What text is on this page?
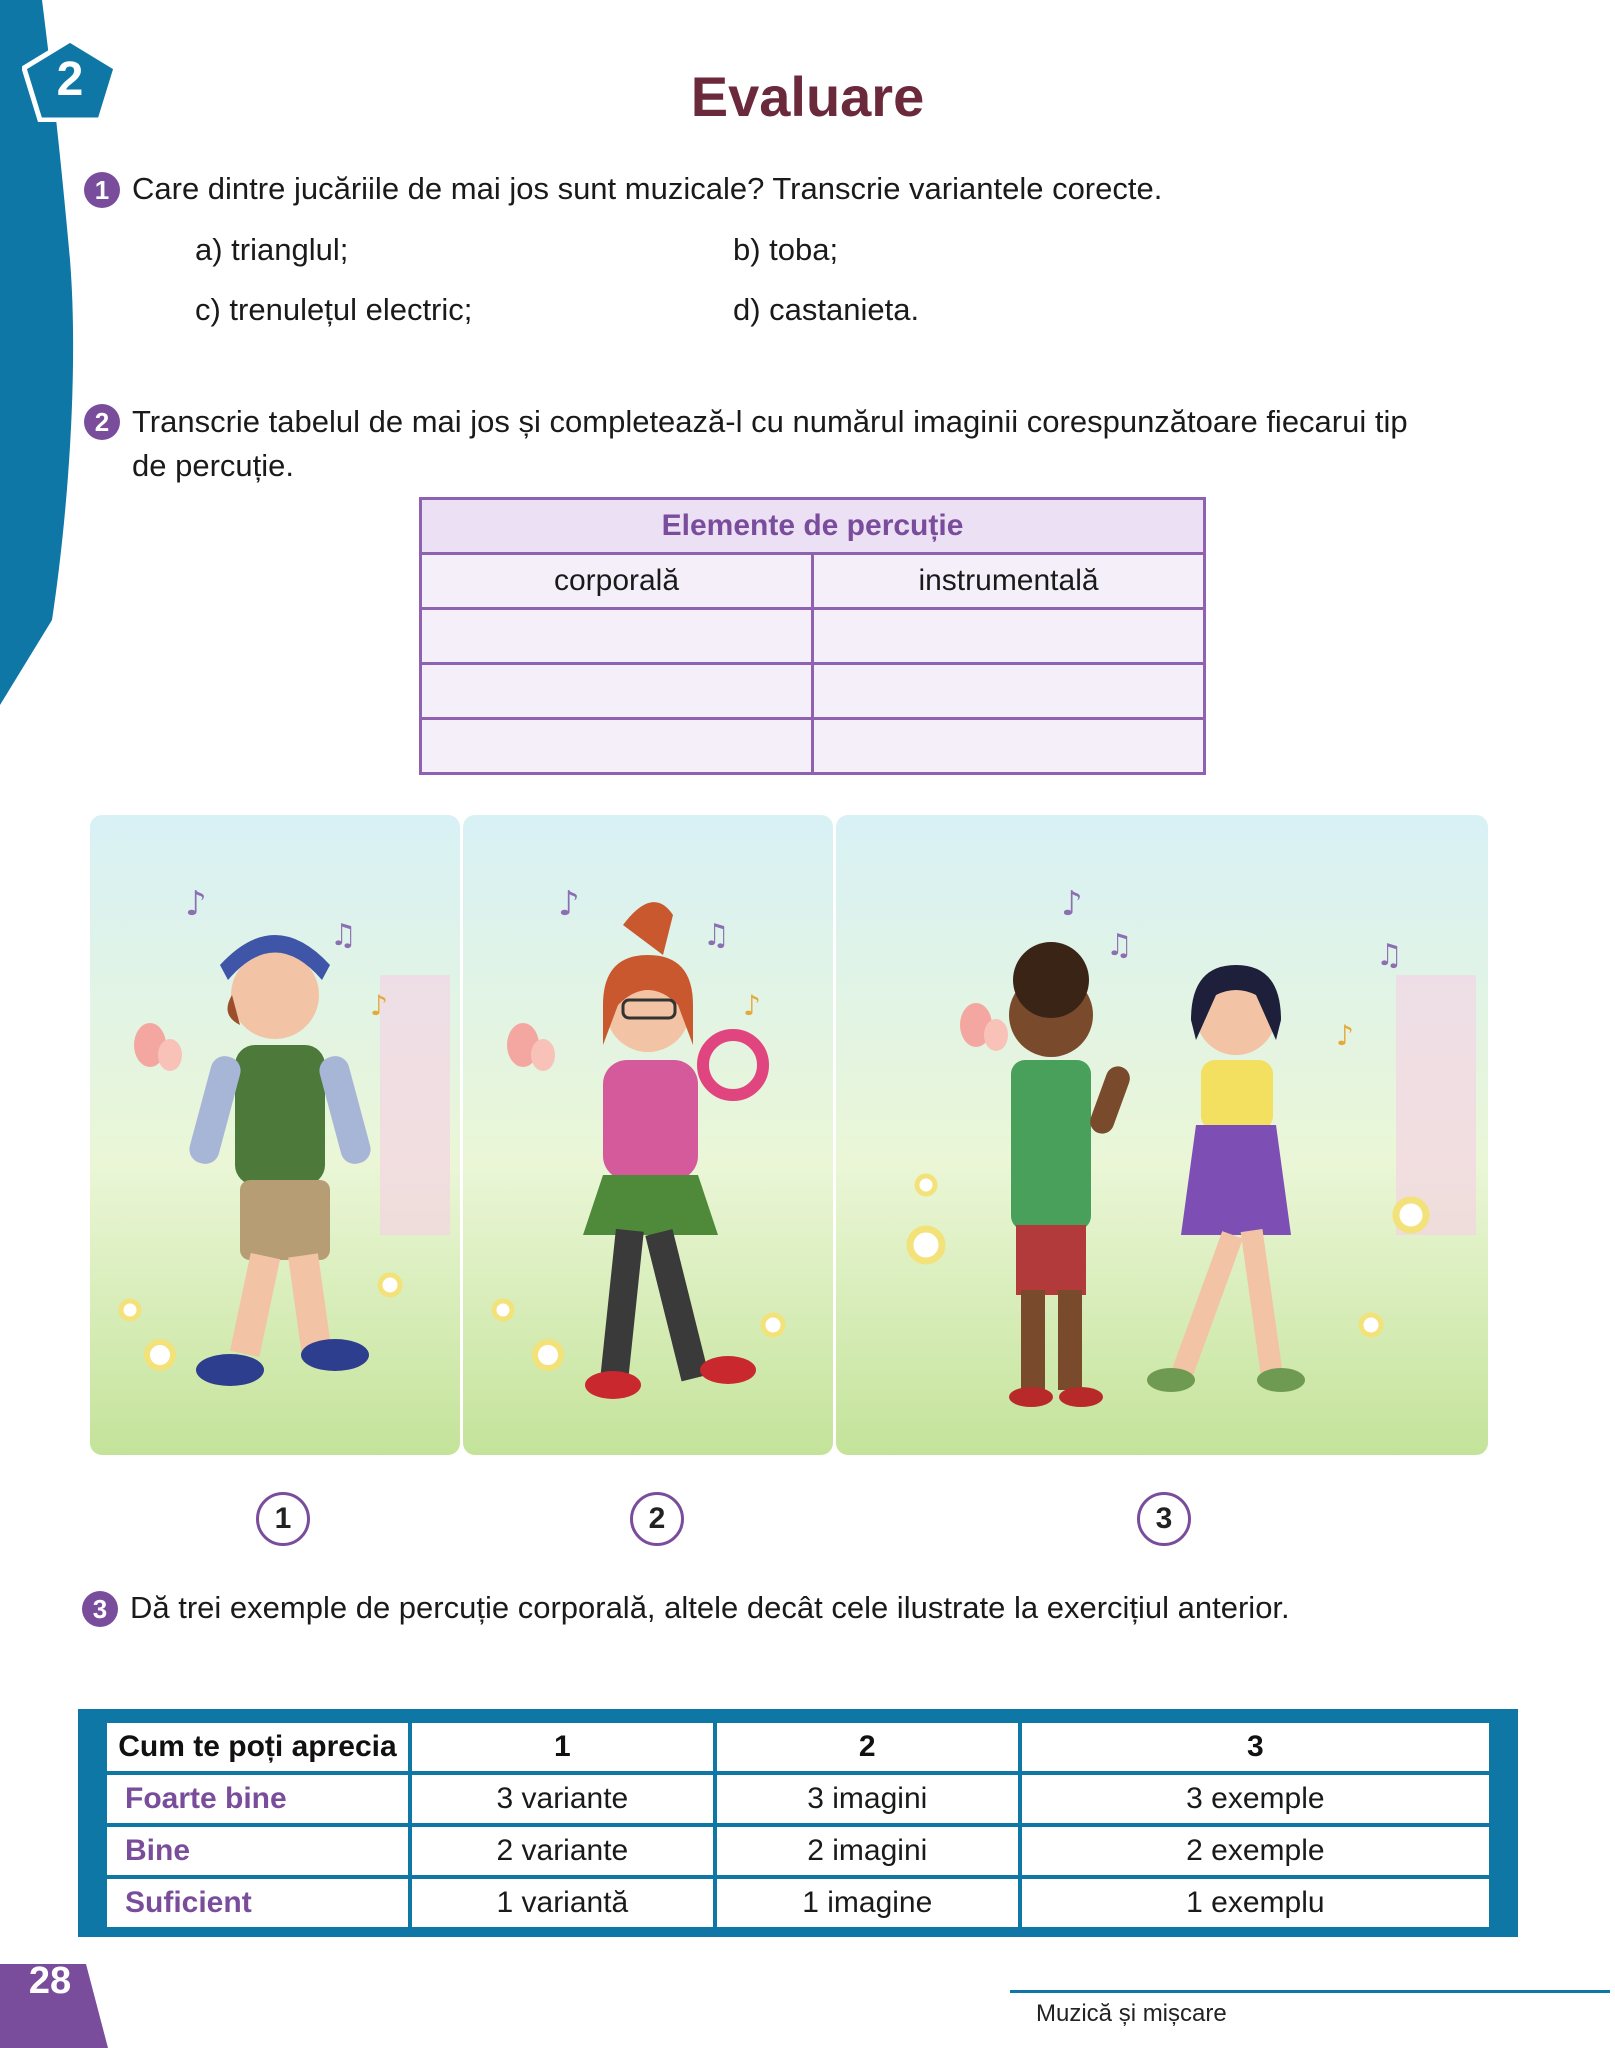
2	Evaluare
1 Care dintre jucăriile de mai jos sunt muzicale? Transcrie variantele corecte.
a) trianglul;	b) toba;
c) trenulețul electric;	d) castanieta.
2 Transcrie tabelul de mai jos și completează-l cu numărul imaginii corespunzătoare fiecarui tip
de percuție.
Elemente de percuție	
corporală	instrumentală

♪
♫
♪
♪
♫
♪
♪
♫	♫
♪
1	2	3
3 Dă trei exemple de percuție corporală, altele decât cele ilustrate la exercițiul anterior.
Cum te poți aprecia	1	2	3
Foarte bine	3 variante	3 imagini	3 exemple
Bine	2 variante	2 imagini	2 exemple
Suficient	1 variantă	1 imagine	1 exemplu
28
Muzică și mișcare
